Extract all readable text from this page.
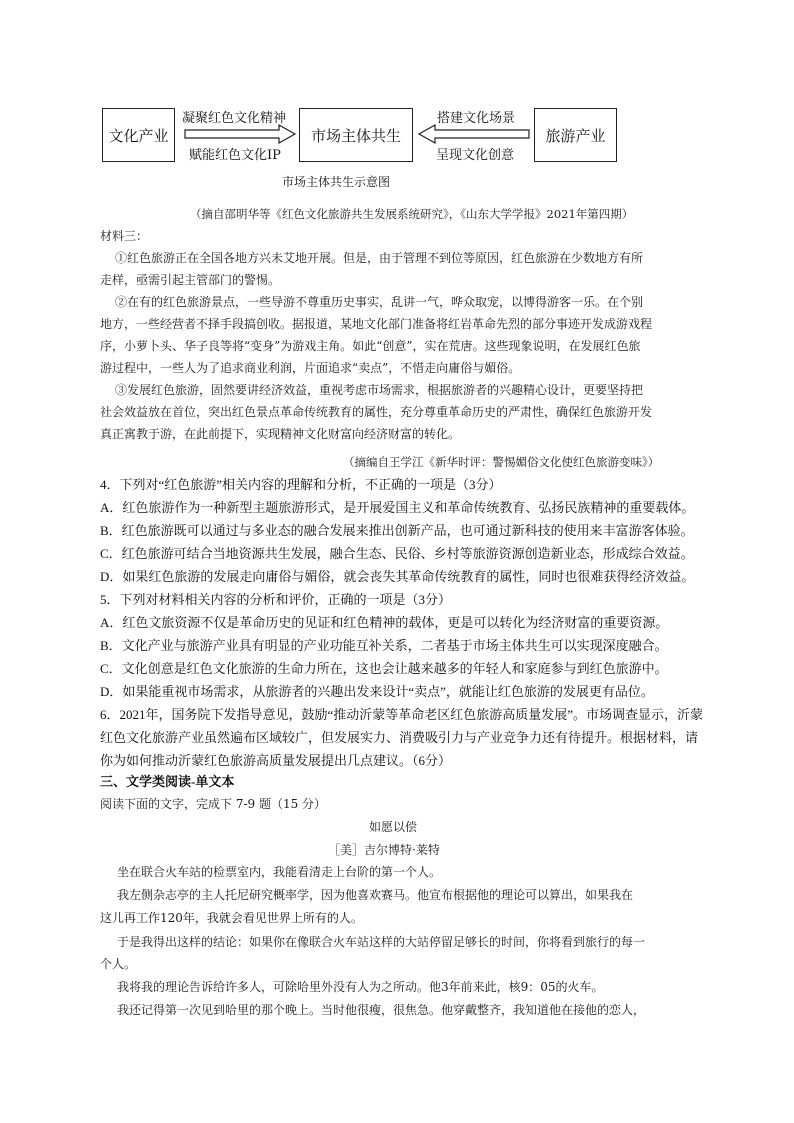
文化产业	市场主体共生	旅游产业
凝聚红色文化精神
赋能红色文化IP
搭建文化场景
呈现文化创意
市场主体共生示意图
（摘自邵明华等《红色文化旅游共生发展系统研究》，《山东大学学报》2021年第四期）
材料三：
①红色旅游正在全国各地方兴未艾地开展。但是，由于管理不到位等原因，红色旅游在少数地方有所
走样，亟需引起主管部门的警惕。
②在有的红色旅游景点，一些导游不尊重历史事实，乱讲一气，哗众取宠，以博得游客一乐。在个别
地方，一些经营者不择手段搞创收。据报道，某地文化部门准备将红岩革命先烈的部分事迹开发成游戏程
序，小萝卜头、华子良等将“变身”为游戏主角。如此“创意”，实在荒唐。这些现象说明，在发展红色旅
游过程中，一些人为了追求商业利润，片面追求“卖点”，不惜走向庸俗与媚俗。
③发展红色旅游，固然要讲经济效益，重视考虑市场需求，根据旅游者的兴趣精心设计，更要坚持把
社会效益放在首位，突出红色景点革命传统教育的属性，充分尊重革命历史的严肃性，确保红色旅游开发
真正寓教于游，在此前提下，实现精神文化财富向经济财富的转化。
（摘编自王学江《新华时评：警惕媚俗文化使红色旅游变味》）
4．下列对“红色旅游”相关内容的理解和分析，不正确的一项是（3分）
A．红色旅游作为一种新型主题旅游形式，是开展爱国主义和革命传统教育、弘扬民族精神的重要载体。
B．红色旅游既可以通过与多业态的融合发展来推出创新产品，也可通过新科技的使用来丰富游客体验。
C．红色旅游可结合当地资源共生发展，融合生态、民俗、乡村等旅游资源创造新业态，形成综合效益。
D．如果红色旅游的发展走向庸俗与媚俗，就会丧失其革命传统教育的属性，同时也很难获得经济效益。
5．下列对材料相关内容的分析和评价，正确的一项是（3分）
A．红色文旅资源不仅是革命历史的见证和红色精神的载体，更是可以转化为经济财富的重要资源。
B．文化产业与旅游产业具有明显的产业功能互补关系，二者基于市场主体共生可以实现深度融合。
C．文化创意是红色文化旅游的生命力所在，这也会让越来越多的年轻人和家庭参与到红色旅游中。
D．如果能重视市场需求，从旅游者的兴趣出发来设计“卖点”，就能让红色旅游的发展更有品位。
6．2021年，国务院下发指导意见，鼓励“推动沂蒙等革命老区红色旅游高质量发展”。市场调查显示，沂蒙
红色文化旅游产业虽然遍布区域较广，但发展实力、消费吸引力与产业竞争力还有待提升。根据材料，请
你为如何推动沂蒙红色旅游高质量发展提出几点建议。（6分）
三、文学类阅读-单文本
阅读下面的文字，完成下 7-9 题（15 分）
如愿以偿
［美］吉尔博特·莱特
坐在联合火车站的检票室内，我能看清走上台阶的第一个人。
我左侧杂志亭的主人托尼研究概率学，因为他喜欢赛马。他宣布根据他的理论可以算出，如果我在
这儿再工作120年，我就会看见世界上所有的人。
于是我得出这样的结论：如果你在像联合火车站这样的大站停留足够长的时间，你将看到旅行的每一
个人。
我将我的理论告诉给许多人，可除哈里外没有人为之所动。他3年前来此，核9：05的火车。
我还记得第一次见到哈里的那个晚上。当时他很瘦，很焦急。他穿戴整齐，我知道他在接他的恋人，
